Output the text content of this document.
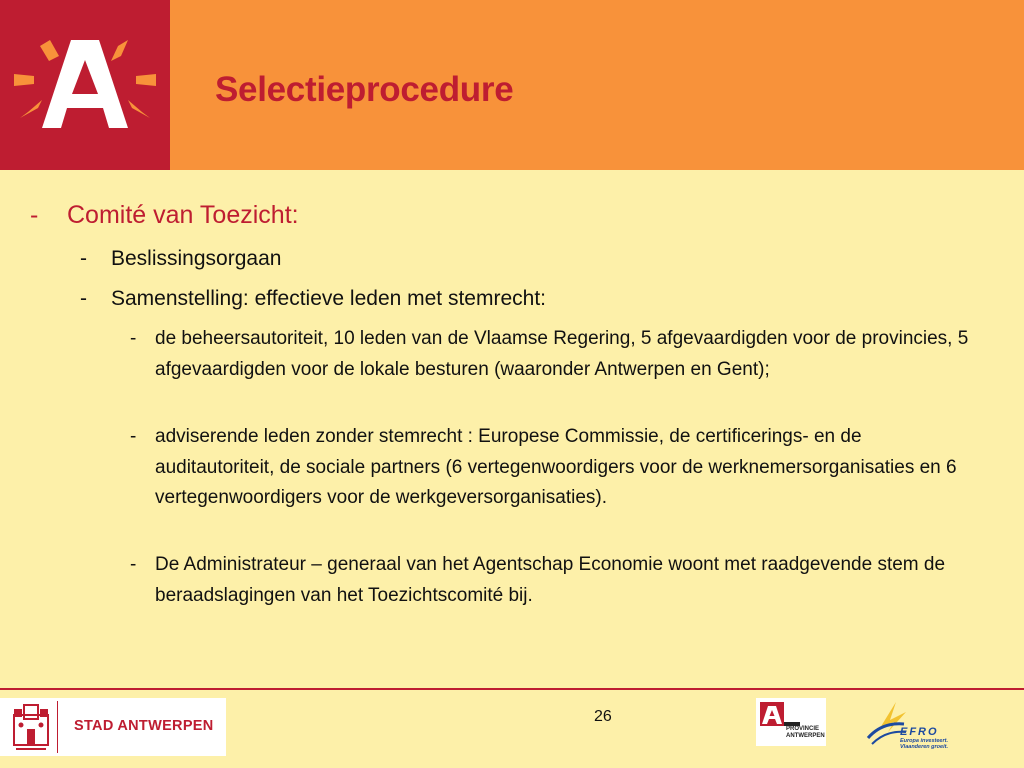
Selectieprocedure
- Comité van Toezicht:
- Beslissingsorgaan
- Samenstelling: effectieve leden met stemrecht:
- de beheersautoriteit, 10 leden van de Vlaamse Regering, 5 afgevaardigden voor de provincies, 5 afgevaardigden voor de lokale besturen (waaronder Antwerpen en Gent);
- adviserende leden zonder stemrecht : Europese Commissie, de certificerings- en de auditautoriteit, de sociale partners (6 vertegenwoordigers voor de werknemersorganisaties en 6 vertegenwoordigers voor de werkgeversorganisaties).
- De Administrateur – generaal van het Agentschap Economie woont met raadgevende stem de beraadslagingen van het Toezichtscomité bij.
STAD ANTWERPEN
26
PROVINCIE ANTWERPEN	EFRO
Europa investeert. Vlaanderen groeit.
